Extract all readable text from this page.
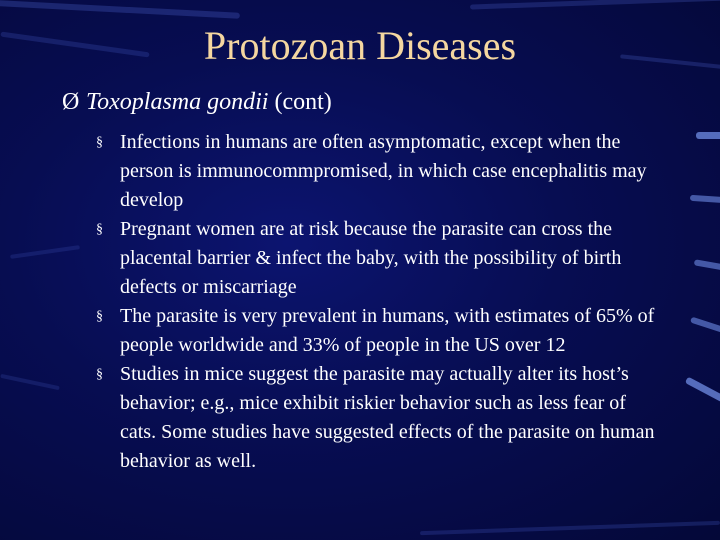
Protozoan Diseases
Ø Toxoplasma gondii (cont)
§ Infections in humans are often asymptomatic, except when the person is immunocommpromised, in which case encephalitis may develop
§ Pregnant women are at risk because the parasite can cross the placental barrier & infect the baby, with the possibility of birth defects or miscarriage
§ The parasite is very prevalent in humans, with estimates of 65% of people worldwide and 33% of people in the US over 12
§ Studies in mice suggest the parasite may actually alter its host’s behavior; e.g., mice exhibit riskier behavior such as less fear of cats. Some studies have suggested effects of the parasite on human behavior as well.
